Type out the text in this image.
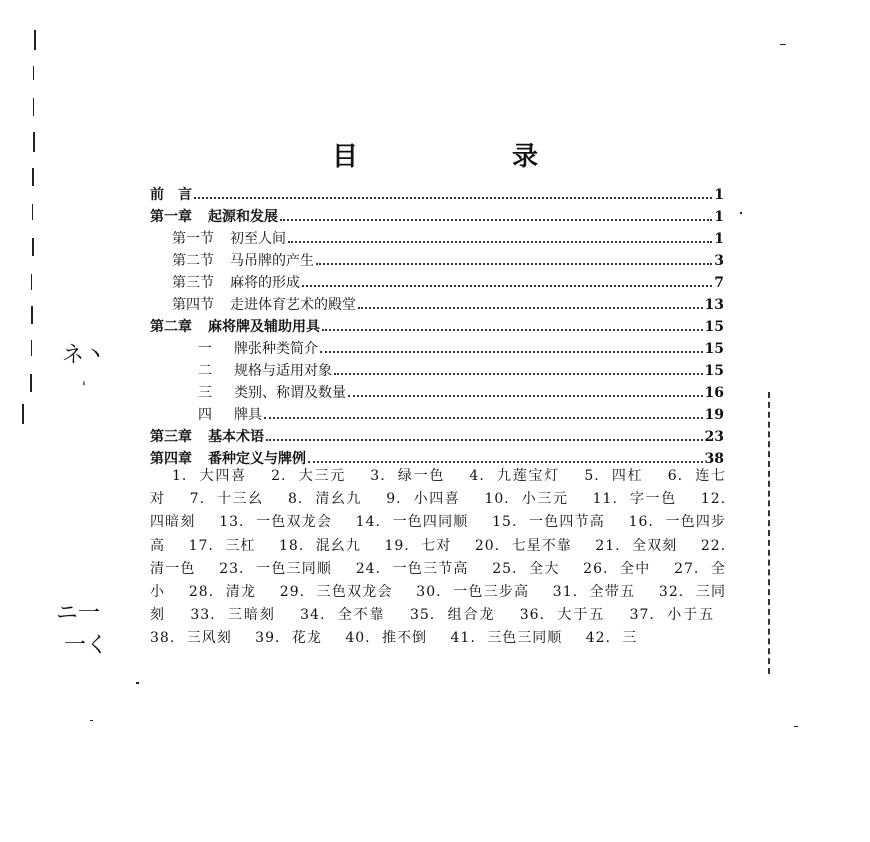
ネ丶
'
ニ一
一く
目　录
前　言	1
第一章 起源和发展	1
第一节 初至人间	1
第二节 马吊牌的产生	3
第三节 麻将的形成	7
第四节 走进体育艺术的殿堂	13
第二章 麻将牌及辅助用具	15
一 牌张种类简介	15
二 规格与适用对象	15
三 类别、称谓及数量	16
四 牌具	19
第三章 基本术语	23
第四章 番种定义与牌例	38
1. 大四喜 2. 大三元 3. 绿一色 4. 九莲宝灯 5. 四杠 6. 连七对 7. 十三幺 8. 清幺九 9. 小四喜 10. 小三元 11. 字一色 12. 四暗刻 13. 一色双龙会 14. 一色四同顺 15. 一色四节高 16. 一色四步高 17. 三杠 18. 混幺九 19. 七对 20. 七星不靠 21. 全双刻 22. 清一色 23. 一色三同顺 24. 一色三节高 25. 全大 26. 全中 27. 全小 28. 清龙 29. 三色双龙会 30. 一色三步高 31. 全带五 32. 三同刻 33. 三暗刻 34. 全不靠 35. 组合龙 36. 大于五 37. 小于五 38. 三风刻 39. 花龙 40. 推不倒 41. 三色三同顺 42. 三
